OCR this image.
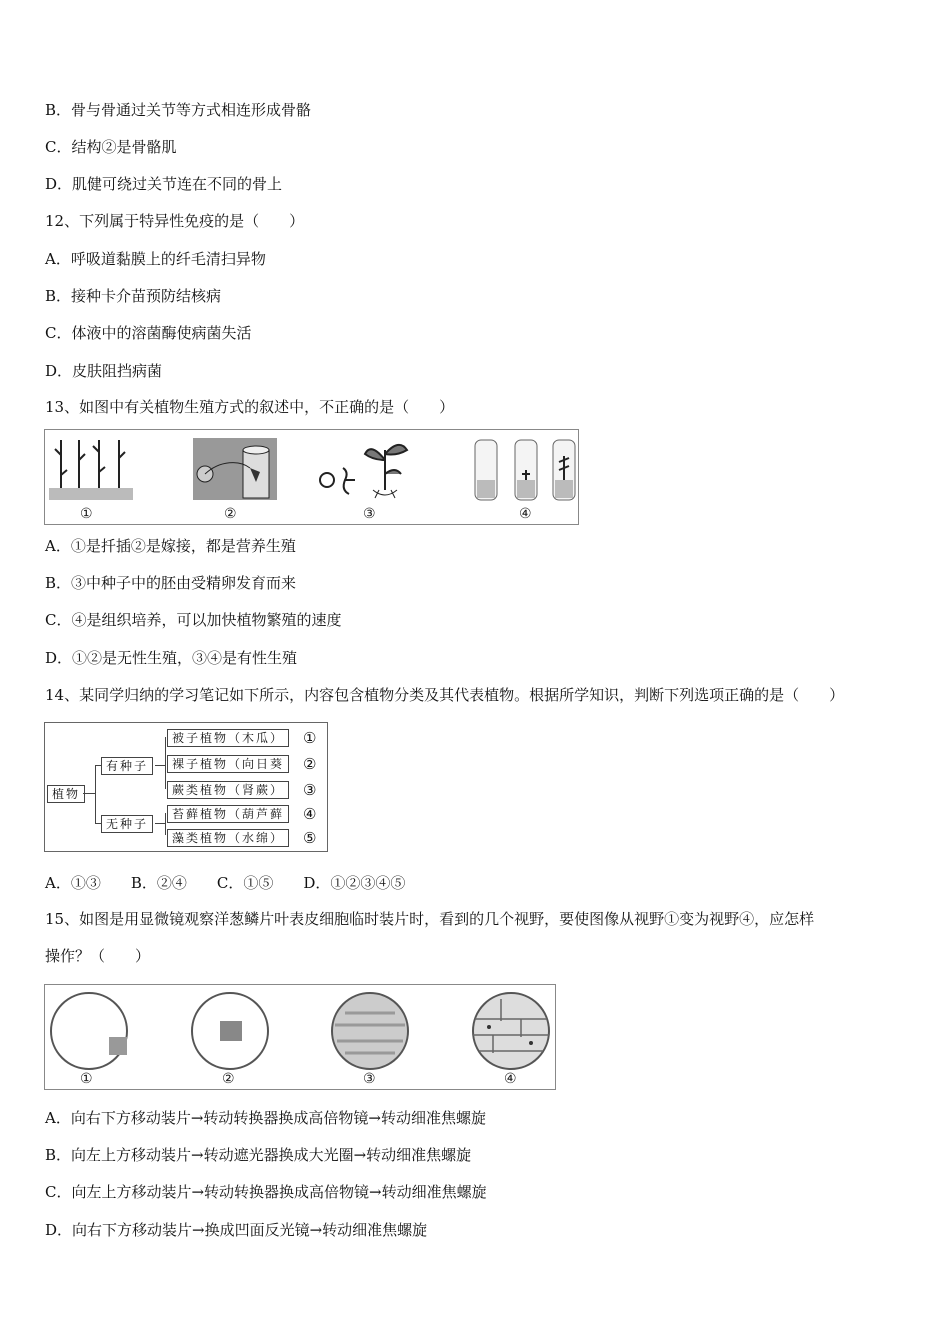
B．骨与骨通过关节等方式相连形成骨骼
C．结构②是骨骼肌
D．肌健可绕过关节连在不同的骨上
12、下列属于特异性免疫的是（　　）
A．呼吸道黏膜上的纤毛清扫异物
B．接种卡介苗预防结核病
C．体液中的溶菌酶使病菌失活
D．皮肤阻挡病菌
13、如图中有关植物生殖方式的叙述中，不正确的是（　　）
①	②	③	④
A．①是扦插②是嫁接，都是营养生殖
B．③中种子中的胚由受精卵发育而来
C．④是组织培养，可以加快植物繁殖的速度
D．①②是无性生殖，③④是有性生殖
14、某同学归纳的学习笔记如下所示，内容包含植物分类及其代表植物。根据所学知识，判断下列选项正确的是（　　）
植物
有种子
无种子
被子植物（木瓜）
裸子植物（向日葵
蕨类植物（肾蕨）
苔藓植物（葫芦藓
藻类植物（水绵）
①
②
③
④
⑤
A．①③　　B．②④　　C．①⑤　　D．①②③④⑤
15、如图是用显微镜观察洋葱鳞片叶表皮细胞临时装片时，看到的几个视野，要使图像从视野①变为视野④，应怎样
操作？（　　）
①	②	③	④
A．向右下方移动装片→转动转换器换成高倍物镜→转动细准焦螺旋
B．向左上方移动装片→转动遮光器换成大光圈→转动细准焦螺旋
C．向左上方移动装片→转动转换器换成高倍物镜→转动细准焦螺旋
D．向右下方移动装片→换成凹面反光镜→转动细准焦螺旋
